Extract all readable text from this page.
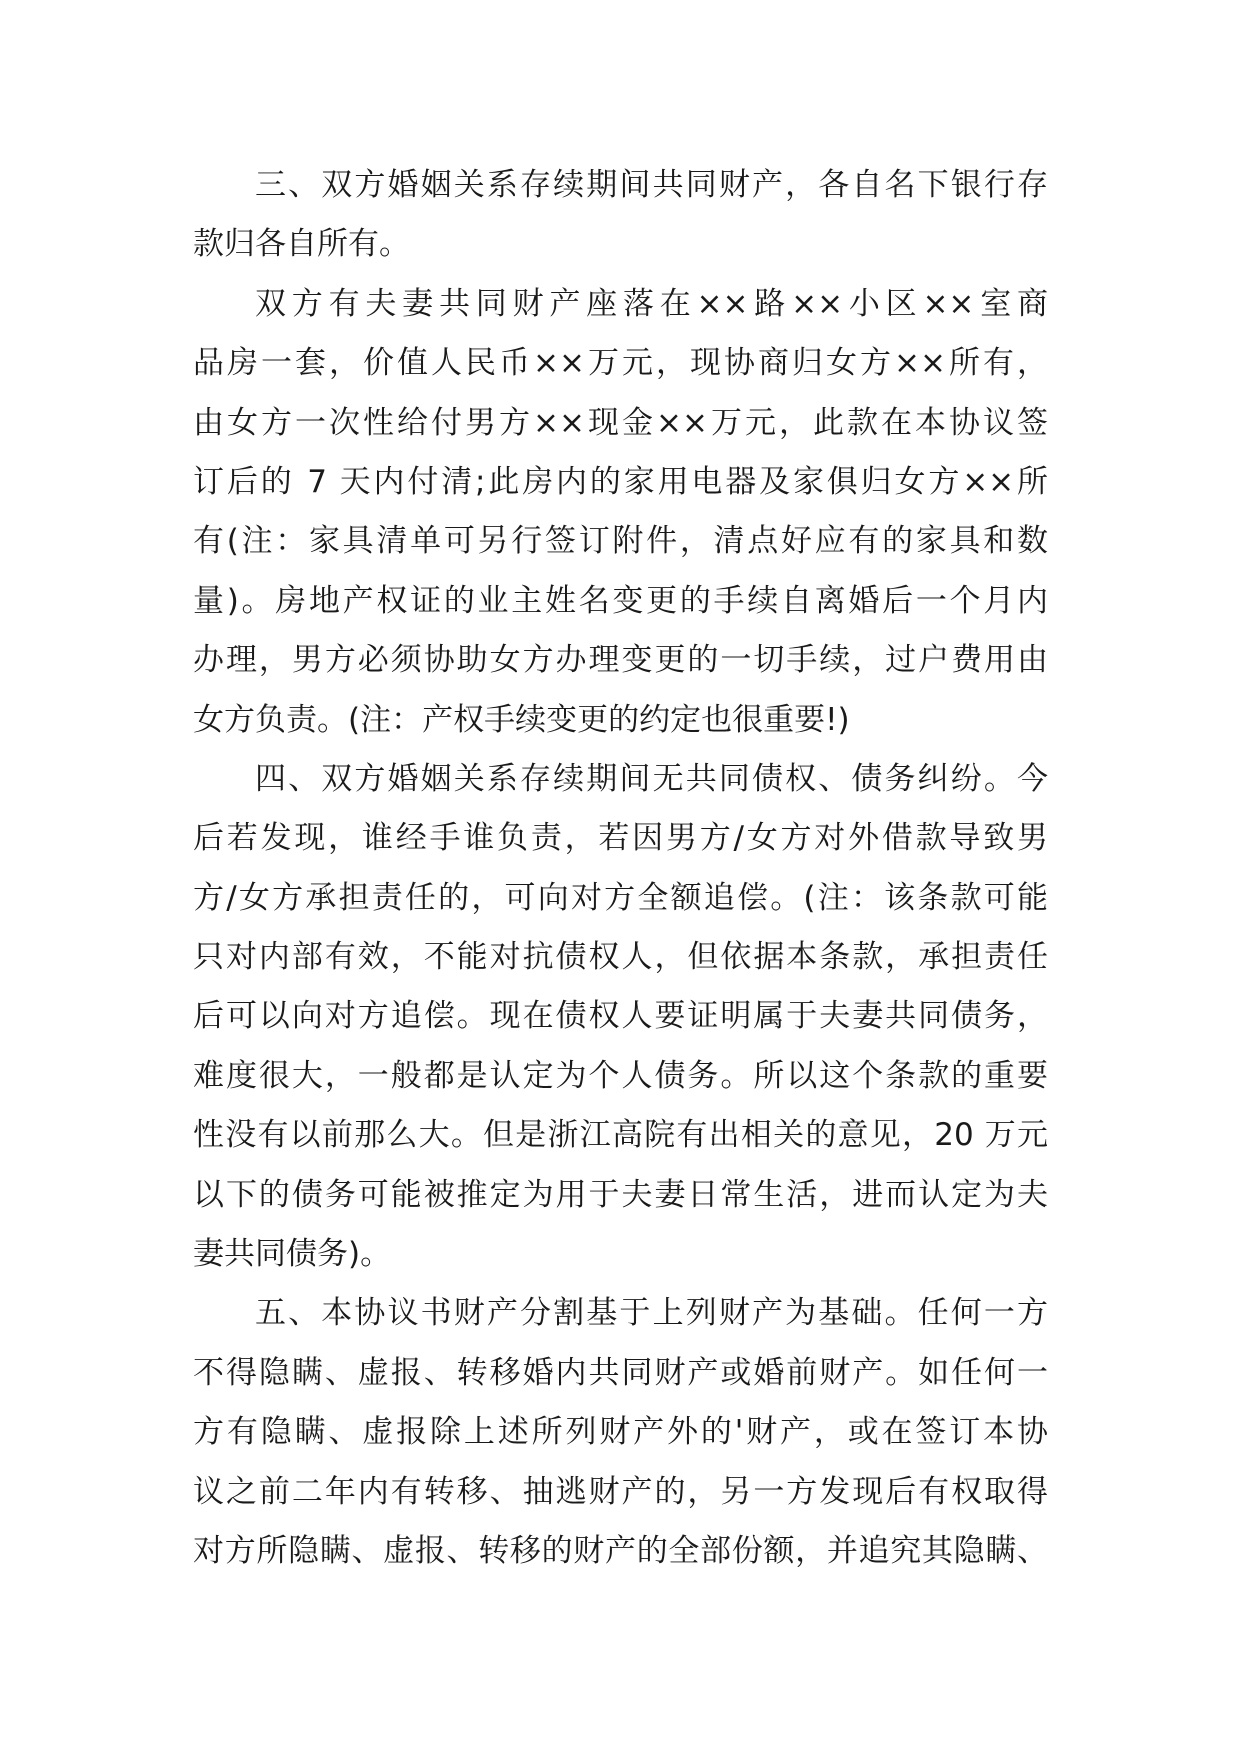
三、双方婚姻关系存续期间共同财产，各自名下银行存
款归各自所有。
双方有夫妻共同财产座落在××路××小区××室商
品房一套，价值人民币××万元，现协商归女方××所有，
由女方一次性给付男方××现金××万元，此款在本协议签
订后的 7 天内付清;此房内的家用电器及家俱归女方××所
有(注：家具清单可另行签订附件，清点好应有的家具和数
量)。房地产权证的业主姓名变更的手续自离婚后一个月内
办理，男方必须协助女方办理变更的一切手续，过户费用由
女方负责。(注：产权手续变更的约定也很重要!)
四、双方婚姻关系存续期间无共同债权、债务纠纷。今
后若发现，谁经手谁负责，若因男方/女方对外借款导致男
方/女方承担责任的，可向对方全额追偿。(注：该条款可能
只对内部有效，不能对抗债权人，但依据本条款，承担责任
后可以向对方追偿。现在债权人要证明属于夫妻共同债务，
难度很大，一般都是认定为个人债务。所以这个条款的重要
性没有以前那么大。但是浙江高院有出相关的意见，20 万元
以下的债务可能被推定为用于夫妻日常生活，进而认定为夫
妻共同债务)。
五、本协议书财产分割基于上列财产为基础。任何一方
不得隐瞒、虚报、转移婚内共同财产或婚前财产。如任何一
方有隐瞒、虚报除上述所列财产外的'财产，或在签订本协
议之前二年内有转移、抽逃财产的，另一方发现后有权取得
对方所隐瞒、虚报、转移的财产的全部份额，并追究其隐瞒、
